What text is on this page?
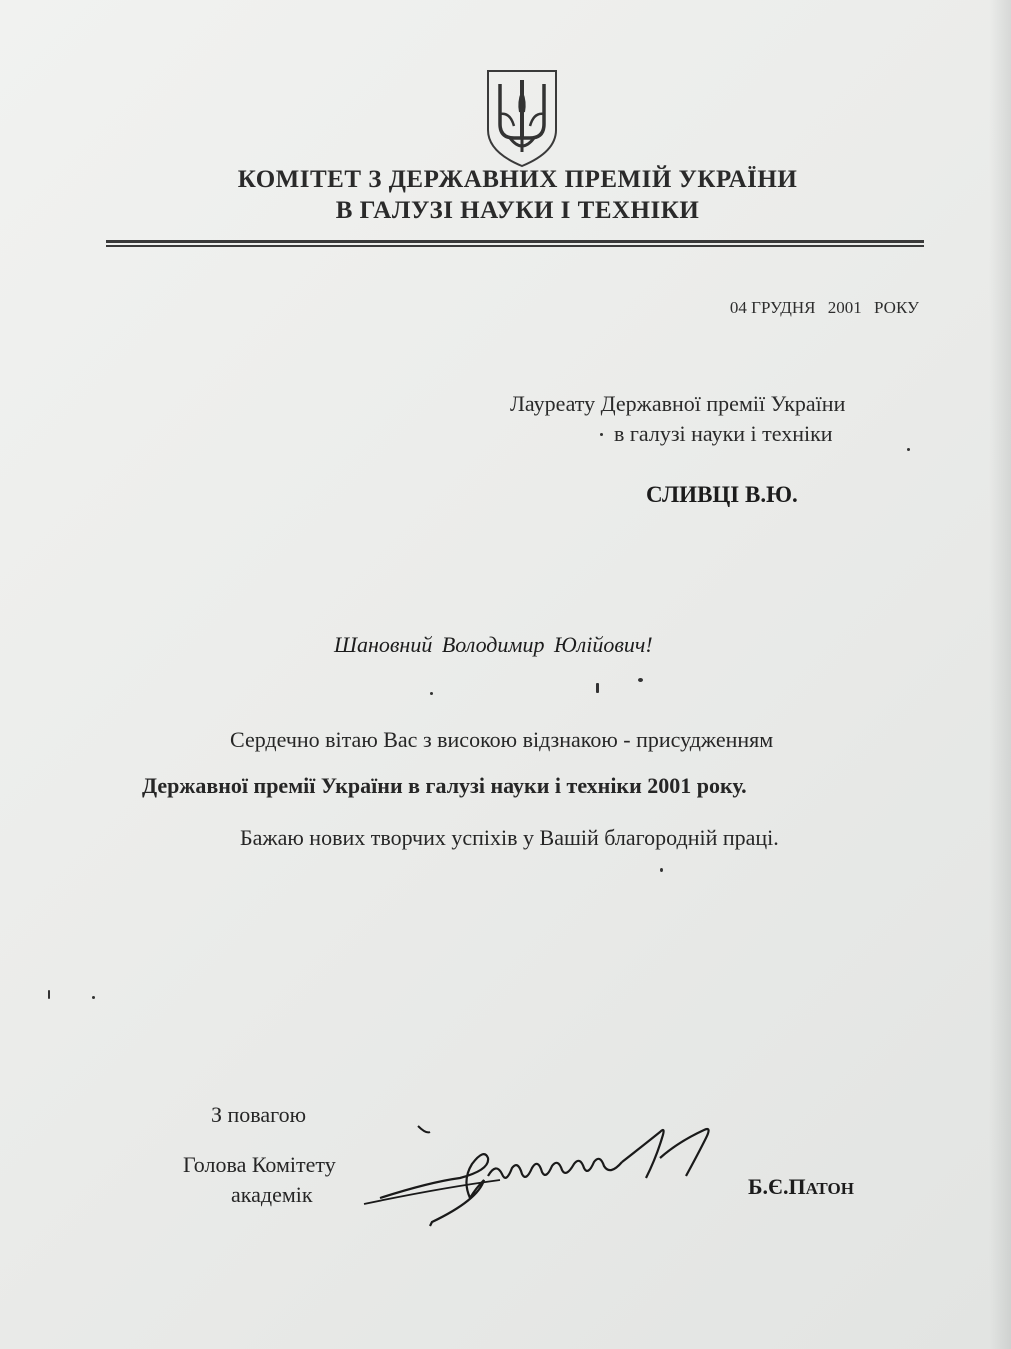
КОМІТЕТ З ДЕРЖАВНИХ ПРЕМІЙ УКРАЇНИ
В ГАЛУЗІ НАУКИ І ТЕХНІКИ
04 ГРУДНЯ 2001 РОКУ
Лауреату Державної премії України
в галузі науки і техніки
СЛИВЦІ В.Ю.
Шановний Володимир Юлійович!
Сердечно вітаю Вас з високою відзнакою - присудженням
Державної премії України в галузі науки і техніки 2001 року.
Бажаю нових творчих успіхів у Вашій благородній праці.
З повагою
Голова Комітету
академік	Б.Є.ПАТОН
